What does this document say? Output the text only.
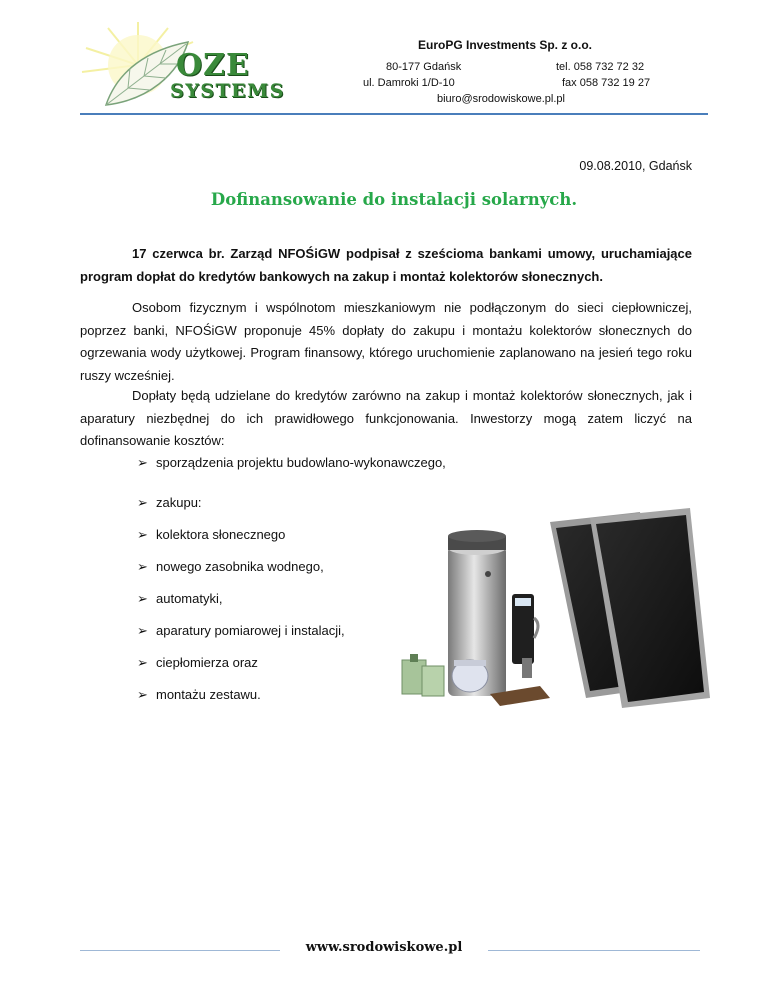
OZE
SYSTEMS
EuroPG Investments Sp. z o.o.
80-177 Gdańsk	tel. 058 732 72 32
ul. Damroki 1/D-10	fax 058 732 19 27
biuro@srodowiskowe.pl.pl
09.08.2010, Gdańsk
Dofinansowanie do instalacji solarnych.
17 czerwca br. Zarząd NFOŚiGW podpisał z sześcioma bankami umowy, uruchamiające program dopłat do kredytów bankowych na zakup i montaż kolektorów słonecznych.
Osobom fizycznym i wspólnotom mieszkaniowym nie podłączonym do sieci ciepłowniczej, poprzez banki, NFOŚiGW proponuje 45% dopłaty do zakupu i montażu kolektorów słonecznych do ogrzewania wody użytkowej. Program finansowy, którego uruchomienie zaplanowano na jesień tego roku ruszy wcześniej.
Dopłaty będą udzielane do kredytów zarówno na zakup i montaż kolektorów słonecznych, jak i aparatury niezbędnej do ich prawidłowego funkcjonowania. Inwestorzy mogą zatem liczyć na dofinansowanie kosztów:
➢ sporządzenia projektu budowlano-wykonawczego,
➢ zakupu:
➢ kolektora słonecznego
➢ nowego zasobnika wodnego,
➢ automatyki,
➢ aparatury pomiarowej i instalacji,
➢ ciepłomierza oraz
➢ montażu zestawu.
www.srodowiskowe.pl
